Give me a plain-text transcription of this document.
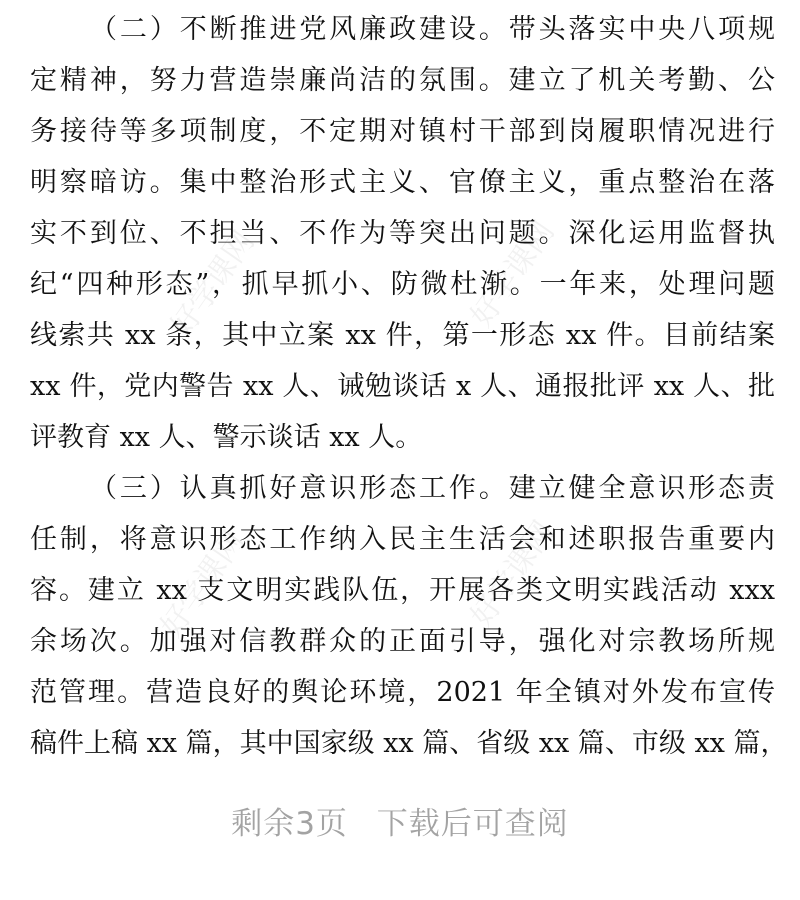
好学课网	好学课网
好学课网	好学课网
（二）不断推进党风廉政建设。带头落实中央八项规
定精神，努力营造崇廉尚洁的氛围。建立了机关考勤、公
务接待等多项制度，不定期对镇村干部到岗履职情况进行
明察暗访。集中整治形式主义、官僚主义，重点整治在落
实不到位、不担当、不作为等突出问题。深化运用监督执
纪“四种形态”，抓早抓小、防微杜渐。一年来，处理问题
线索共 xx 条，其中立案 xx 件，第一形态 xx 件。目前结案
xx 件，党内警告 xx 人、诫勉谈话 x 人、通报批评 xx 人、批
评教育 xx 人、警示谈话 xx 人。
（三）认真抓好意识形态工作。建立健全意识形态责
任制，将意识形态工作纳入民主生活会和述职报告重要内
容。建立 xx 支文明实践队伍，开展各类文明实践活动 xxx
余场次。加强对信教群众的正面引导，强化对宗教场所规
范管理。营造良好的舆论环境，2021 年全镇对外发布宣传
稿件上稿 xx 篇，其中国家级 xx 篇、省级 xx 篇、市级 xx 篇，
剩余3页 下载后可查阅
